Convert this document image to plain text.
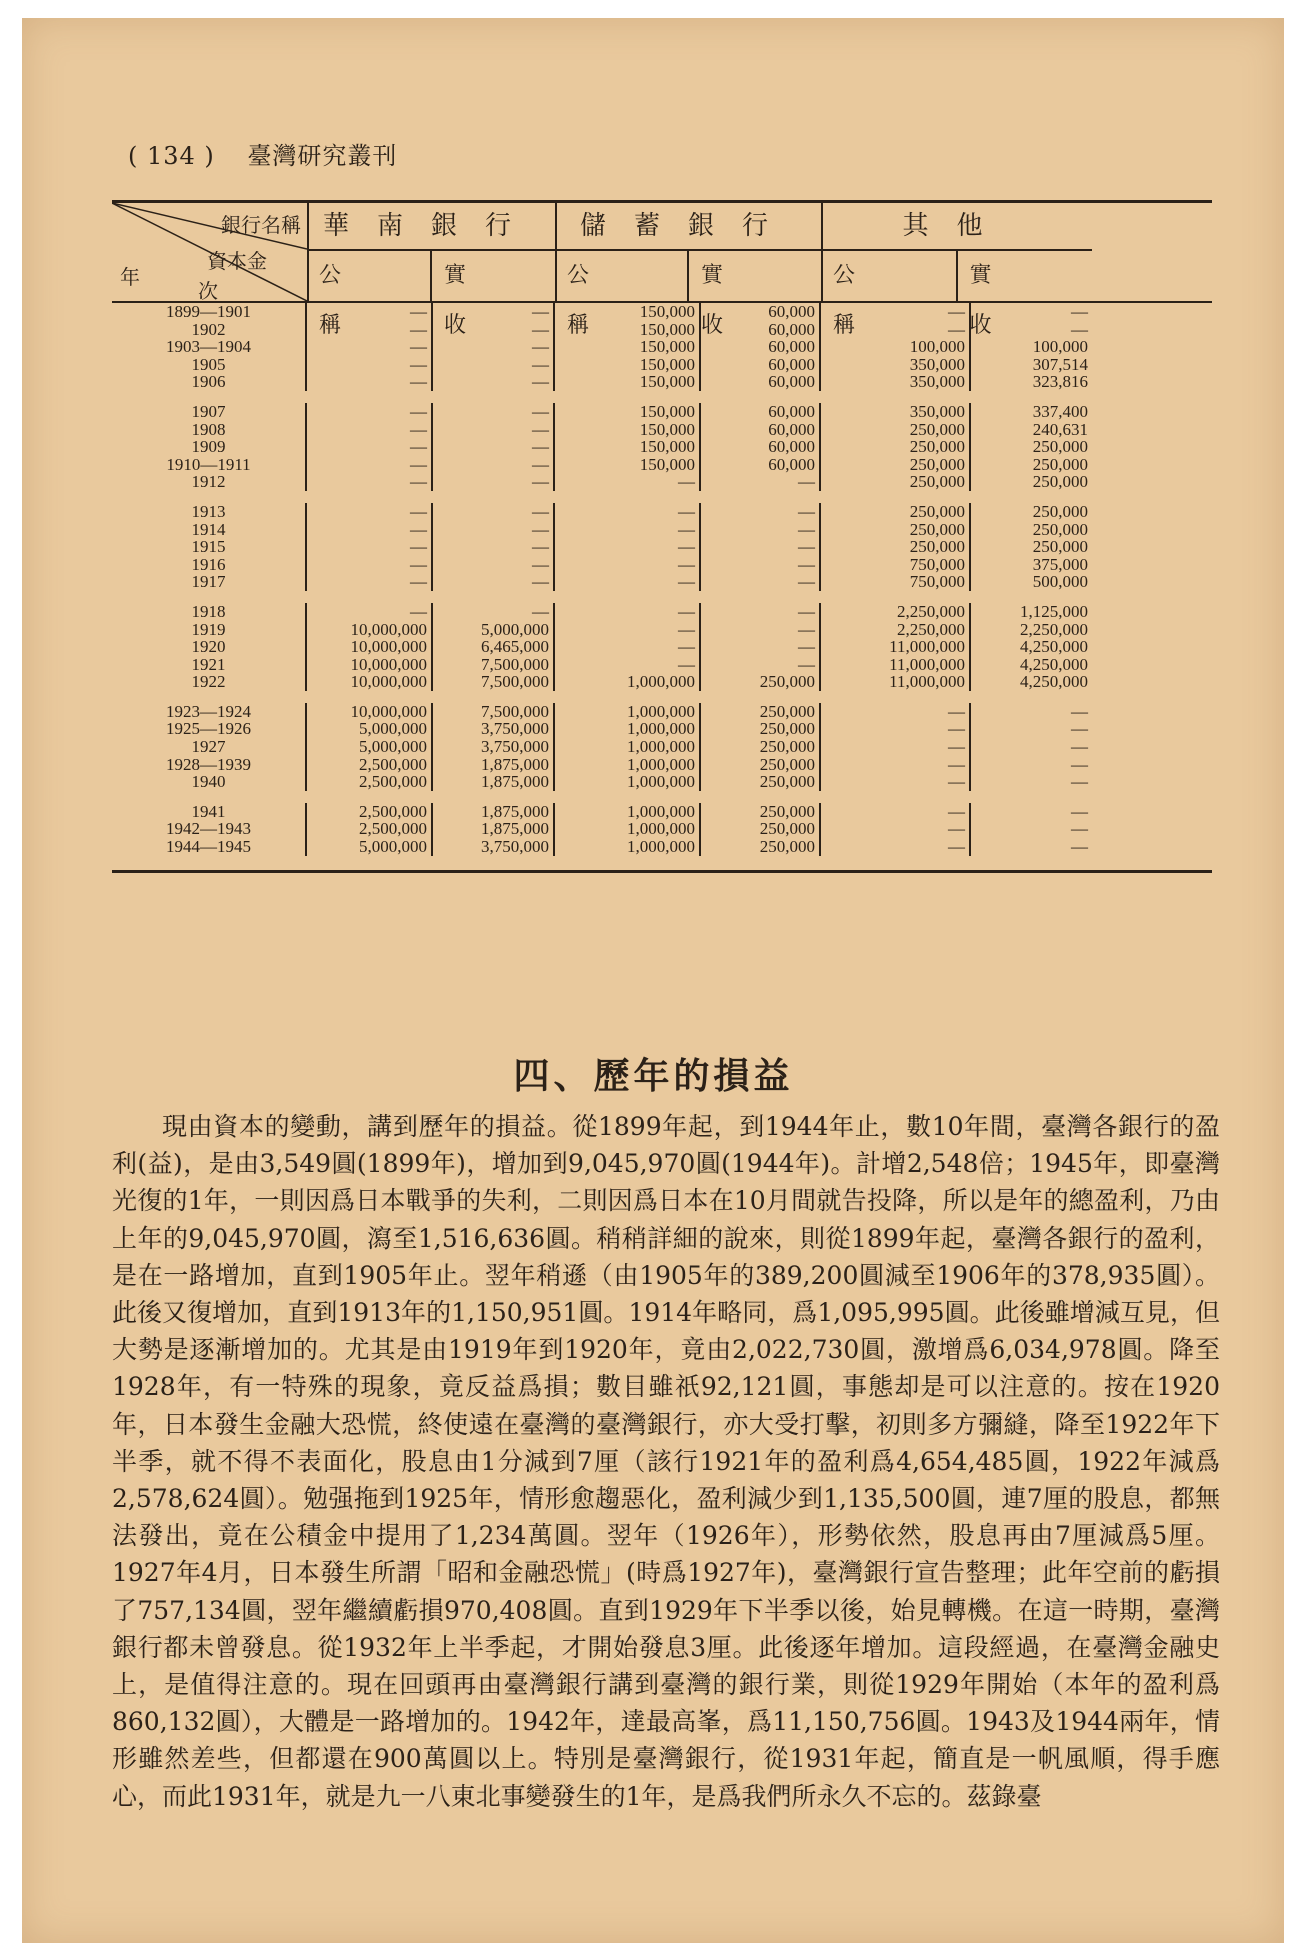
( 134 ) 臺灣研究叢刊
銀行名稱
資本金
年
次
華南銀行
公稱
實收
儲蓄銀行
公稱
實收
其他
公稱
實收
1899—1901	—	—	150,000	60,000	—	—
1902	—	—	150,000	60,000	—	—
1903—1904	—	—	150,000	60,000	100,000	100,000
1905	—	—	150,000	60,000	350,000	307,514
1906	—	—	150,000	60,000	350,000	323,816
1907	—	—	150,000	60,000	350,000	337,400
1908	—	—	150,000	60,000	250,000	240,631
1909	—	—	150,000	60,000	250,000	250,000
1910—1911	—	—	150,000	60,000	250,000	250,000
1912	—	—	—	—	250,000	250,000
1913	—	—	—	—	250,000	250,000
1914	—	—	—	—	250,000	250,000
1915	—	—	—	—	250,000	250,000
1916	—	—	—	—	750,000	375,000
1917	—	—	—	—	750,000	500,000
1918	—	—	—	—	2,250,000	1,125,000
1919	10,000,000	5,000,000	—	—	2,250,000	2,250,000
1920	10,000,000	6,465,000	—	—	11,000,000	4,250,000
1921	10,000,000	7,500,000	—	—	11,000,000	4,250,000
1922	10,000,000	7,500,000	1,000,000	250,000	11,000,000	4,250,000
1923—1924	10,000,000	7,500,000	1,000,000	250,000	—	—
1925—1926	5,000,000	3,750,000	1,000,000	250,000	—	—
1927	5,000,000	3,750,000	1,000,000	250,000	—	—
1928—1939	2,500,000	1,875,000	1,000,000	250,000	—	—
1940	2,500,000	1,875,000	1,000,000	250,000	—	—
1941	2,500,000	1,875,000	1,000,000	250,000	—	—
1942—1943	2,500,000	1,875,000	1,000,000	250,000	—	—
1944—1945	5,000,000	3,750,000	1,000,000	250,000	—	—
四、歷年的損益

現由資本的變動，講到歷年的損益。從1899年起，到1944年止，數10年間，臺灣各銀行的盈利(益)，是由3,549圓(1899年)，增加到9,045,970圓(1944年)。計增2,548倍；1945年，即臺灣光復的1年，一則因爲日本戰爭的失利，二則因爲日本在10月間就告投降，所以是年的總盈利，乃由上年的9,045,970圓，瀉至1,516,636圓。稍稍詳細的說來，則從1899年起，臺灣各銀行的盈利，是在一路增加，直到1905年止。翌年稍遜（由1905年的389,200圓減至1906年的378,935圓）。此後又復增加，直到1913年的1,150,951圓。1914年略同，爲1,095,995圓。此後雖增減互見，但大勢是逐漸增加的。尤其是由1919年到1920年，竟由2,022,730圓，激增爲6,034,978圓。降至1928年，有一特殊的現象，竟反益爲損；數目雖祇92,121圓，事態却是可以注意的。按在1920年，日本發生金融大恐慌，終使遠在臺灣的臺灣銀行，亦大受打擊，初則多方彌縫，降至1922年下半季，就不得不表面化，股息由1分減到7厘（該行1921年的盈利爲4,654,485圓，1922年減爲2,578,624圓）。勉强拖到1925年，情形愈趨惡化，盈利減少到1,135,500圓，連7厘的股息，都無法發出，竟在公積金中提用了1,234萬圓。翌年（1926年），形勢依然，股息再由7厘減爲5厘。1927年4月，日本發生所謂「昭和金融恐慌」(時爲1927年)，臺灣銀行宣告整理；此年空前的虧損了757,134圓，翌年繼續虧損970,408圓。直到1929年下半季以後，始見轉機。在這一時期，臺灣銀行都未曾發息。從1932年上半季起，才開始發息3厘。此後逐年增加。這段經過，在臺灣金融史上，是值得注意的。現在回頭再由臺灣銀行講到臺灣的銀行業，則從1929年開始（本年的盈利爲860,132圓），大體是一路增加的。1942年，達最高峯，爲11,150,756圓。1943及1944兩年，情形雖然差些，但都還在900萬圓以上。特別是臺灣銀行，從1931年起，簡直是一帆風順，得手應心，而此1931年，就是九一八東北事變發生的1年，是爲我們所永久不忘的。茲錄臺
